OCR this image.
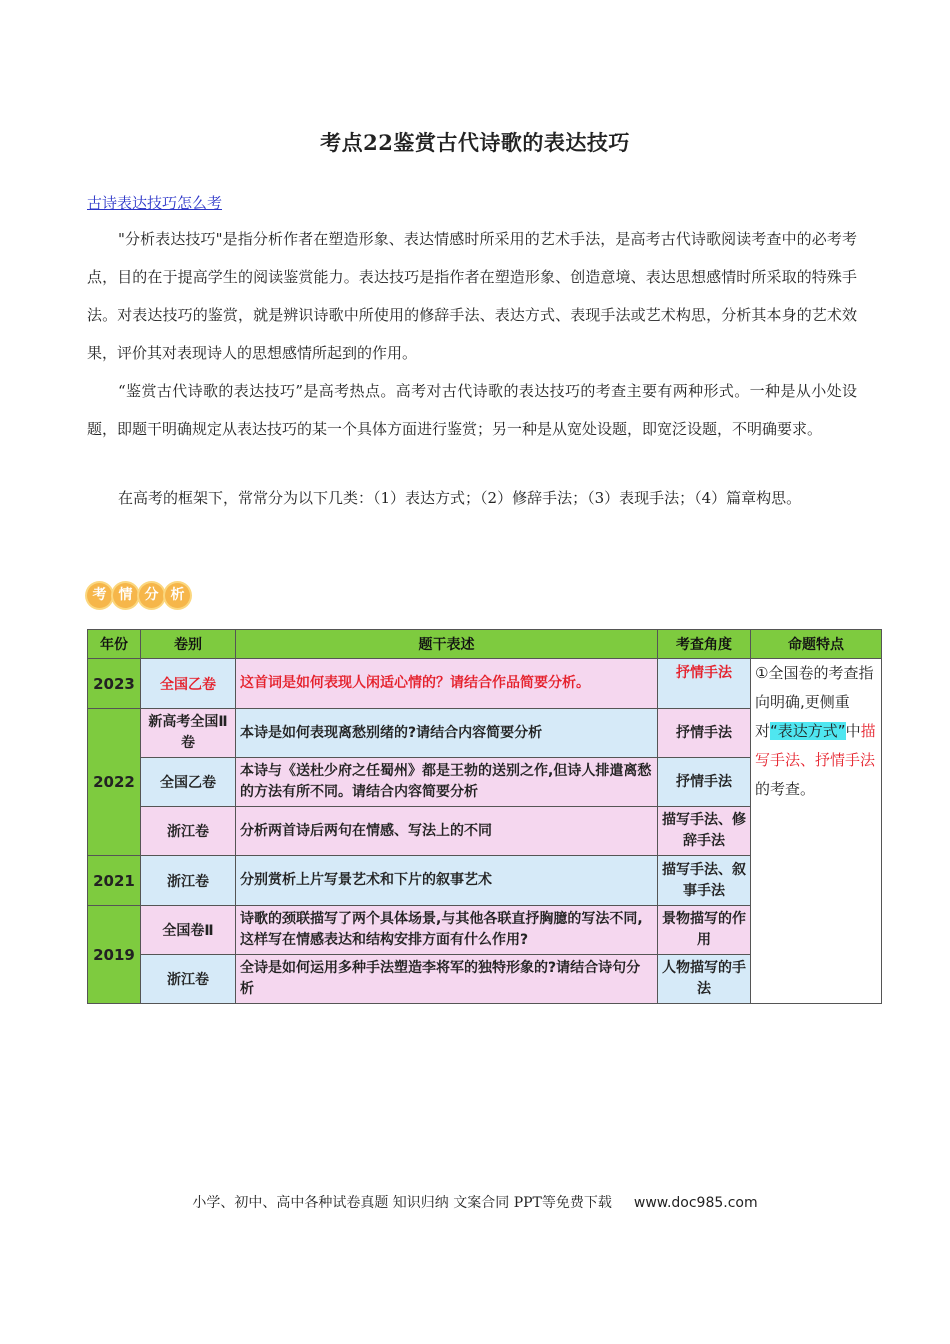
考点22鉴赏古代诗歌的表达技巧
古诗表达技巧怎么考
"分析表达技巧"是指分析作者在塑造形象、表达情感时所采用的艺术手法，是高考古代诗歌阅读考查中的必考考点，目的在于提高学生的阅读鉴赏能力。表达技巧是指作者在塑造形象、创造意境、表达思想感情时所采取的特殊手法。对表达技巧的鉴赏，就是辨识诗歌中所使用的修辞手法、表达方式、表现手法或艺术构思，分析其本身的艺术效果，评价其对表现诗人的思想感情所起到的作用。
“鉴赏古代诗歌的表达技巧”是高考热点。高考对古代诗歌的表达技巧的考查主要有两种形式。一种是从小处设题，即题干明确规定从表达技巧的某一个具体方面进行鉴赏；另一种是从宽处设题，即宽泛设题，不明确要求。
在高考的框架下，常常分为以下几类：（1）表达方式；（2）修辞手法；（3）表现手法；（4）篇章构思。
考 情 分 析
年份	卷别	题干表述	考查角度	命题特点
2023	全国乙卷	这首词是如何表现人闲适心情的？请结合作品简要分析。	抒情手法	①全国卷的考查指向明确,更侧重对“表达方式”中描写手法、抒情手法的考查。
2022	新高考全国Ⅱ卷	本诗是如何表现离愁别绪的?请结合内容简要分析	抒情手法	
	全国乙卷	本诗与《送杜少府之任蜀州》都是王勃的送别之作,但诗人排遣离愁的方法有所不同。请结合内容简要分析	抒情手法	
	浙江卷	分析两首诗后两句在情感、写法上的不同	描写手法、修辞手法	
2021	浙江卷	分别赏析上片写景艺术和下片的叙事艺术	描写手法、叙事手法	
2019	全国卷Ⅱ	诗歌的颈联描写了两个具体场景,与其他各联直抒胸臆的写法不同,这样写在情感表达和结构安排方面有什么作用?	景物描写的作用	
	浙江卷	全诗是如何运用多种手法塑造李将军的独特形象的?请结合诗句分析	人物描写的手法	
小学、初中、高中各种试卷真题 知识归纳 文案合同 PPT等免费下载 www.doc985.com
